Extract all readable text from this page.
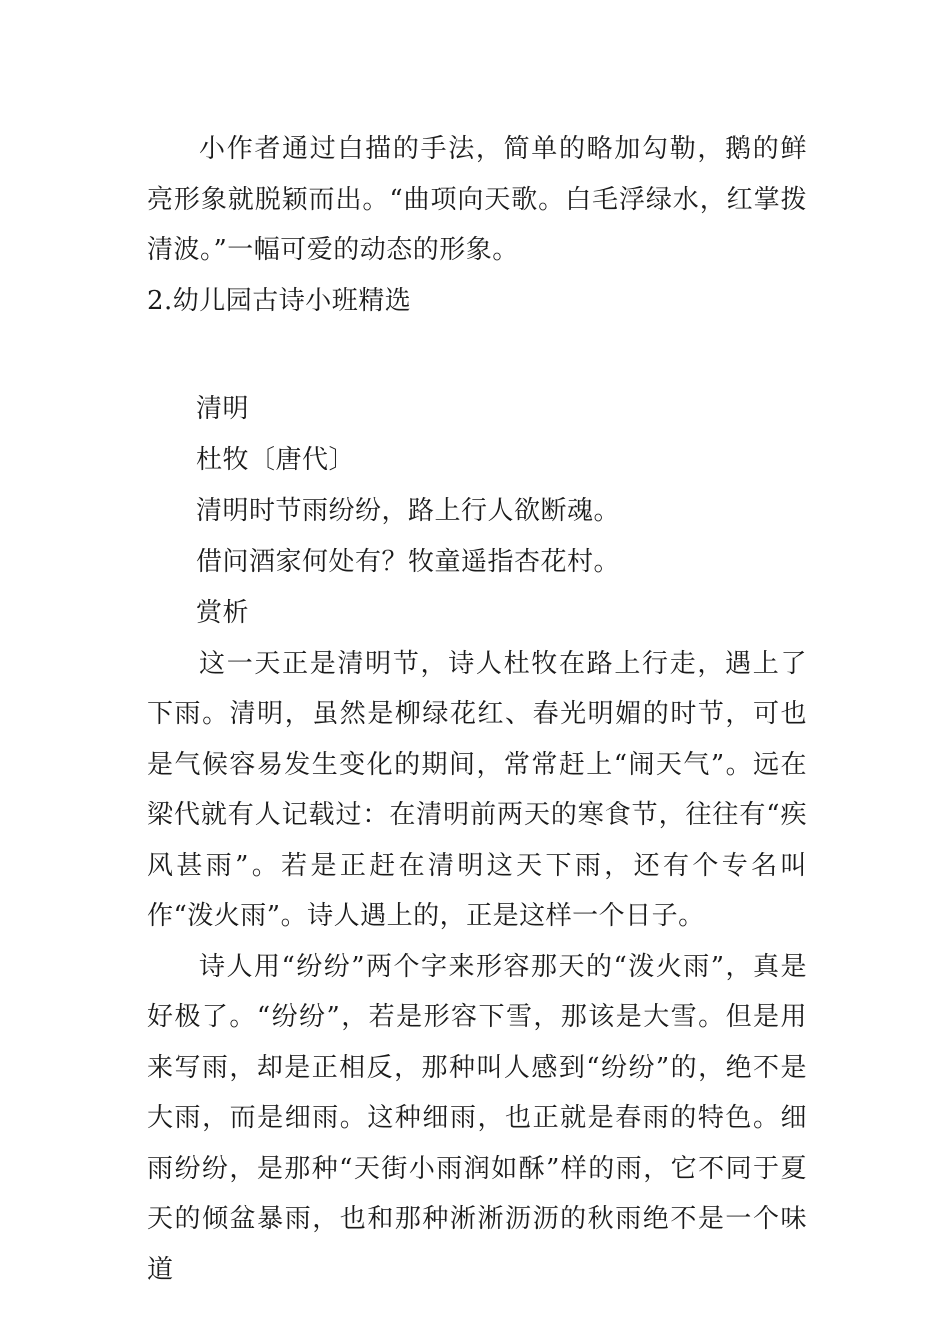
小作者通过白描的手法，简单的略加勾勒，鹅的鲜亮形象就脱颖而出。“曲项向天歌。白毛浮绿水，红掌拨清波。”一幅可爱的动态的形象。

2.幼儿园古诗小班精选

清明

杜牧〔唐代〕

清明时节雨纷纷，路上行人欲断魂。

借问酒家何处有？牧童遥指杏花村。

赏析

这一天正是清明节，诗人杜牧在路上行走，遇上了下雨。清明，虽然是柳绿花红、春光明媚的时节，可也是气候容易发生变化的期间，常常赶上“闹天气”。远在梁代就有人记载过：在清明前两天的寒食节，往往有“疾风甚雨”。若是正赶在清明这天下雨，还有个专名叫作“泼火雨”。诗人遇上的，正是这样一个日子。

诗人用“纷纷”两个字来形容那天的“泼火雨”，真是好极了。“纷纷”，若是形容下雪，那该是大雪。但是用来写雨，却是正相反，那种叫人感到“纷纷”的，绝不是大雨，而是细雨。这种细雨，也正就是春雨的特色。细雨纷纷，是那种“天街小雨润如酥”样的雨，它不同于夏天的倾盆暴雨，也和那种淅淅沥沥的秋雨绝不是一个味道
